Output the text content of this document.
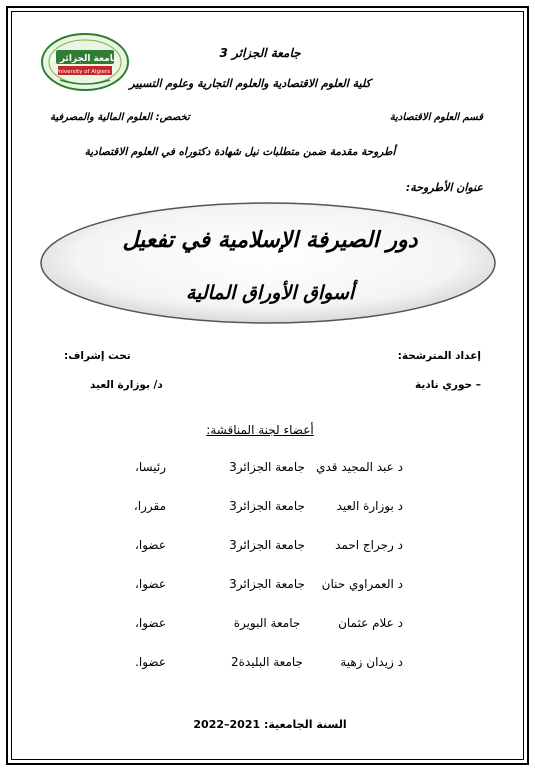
جامعة الجزائر 3
University of Algiers 3
جامعة الجزائر 3
كلية العلوم الاقتصادية والعلوم التجارية وعلوم التسيير
قسم العلوم الاقتصادية
تخصص: العلوم المالية والمصرفية
أطروحة مقدمة ضمن متطلبات نيل شهادة دكتوراه في العلوم الاقتصادية
عنوان الأطروحة:
دور الصيرفة الإسلامية في تفعيل
أسواق الأوراق المالية
إعداد المترشحة:
تحت إشراف:
– حوري نادية
د/ بوزارة العيد
أعضاء لجنة المناقشة:
د عبد المجيد قدي
جامعة الجزائر3
رئيسا،
د بوزارة العيد
جامعة الجزائر3
مقررا،
د رجراج احمد
جامعة الجزائر3
عضوا،
د العمراوي حنان
جامعة الجزائر3
عضوا،
د علام عثمان
جامعة البويرة
عضوا،
د زيدان زهية
جامعة البليدة2
عضوا.
السنة الجامعية: 2021–2022
